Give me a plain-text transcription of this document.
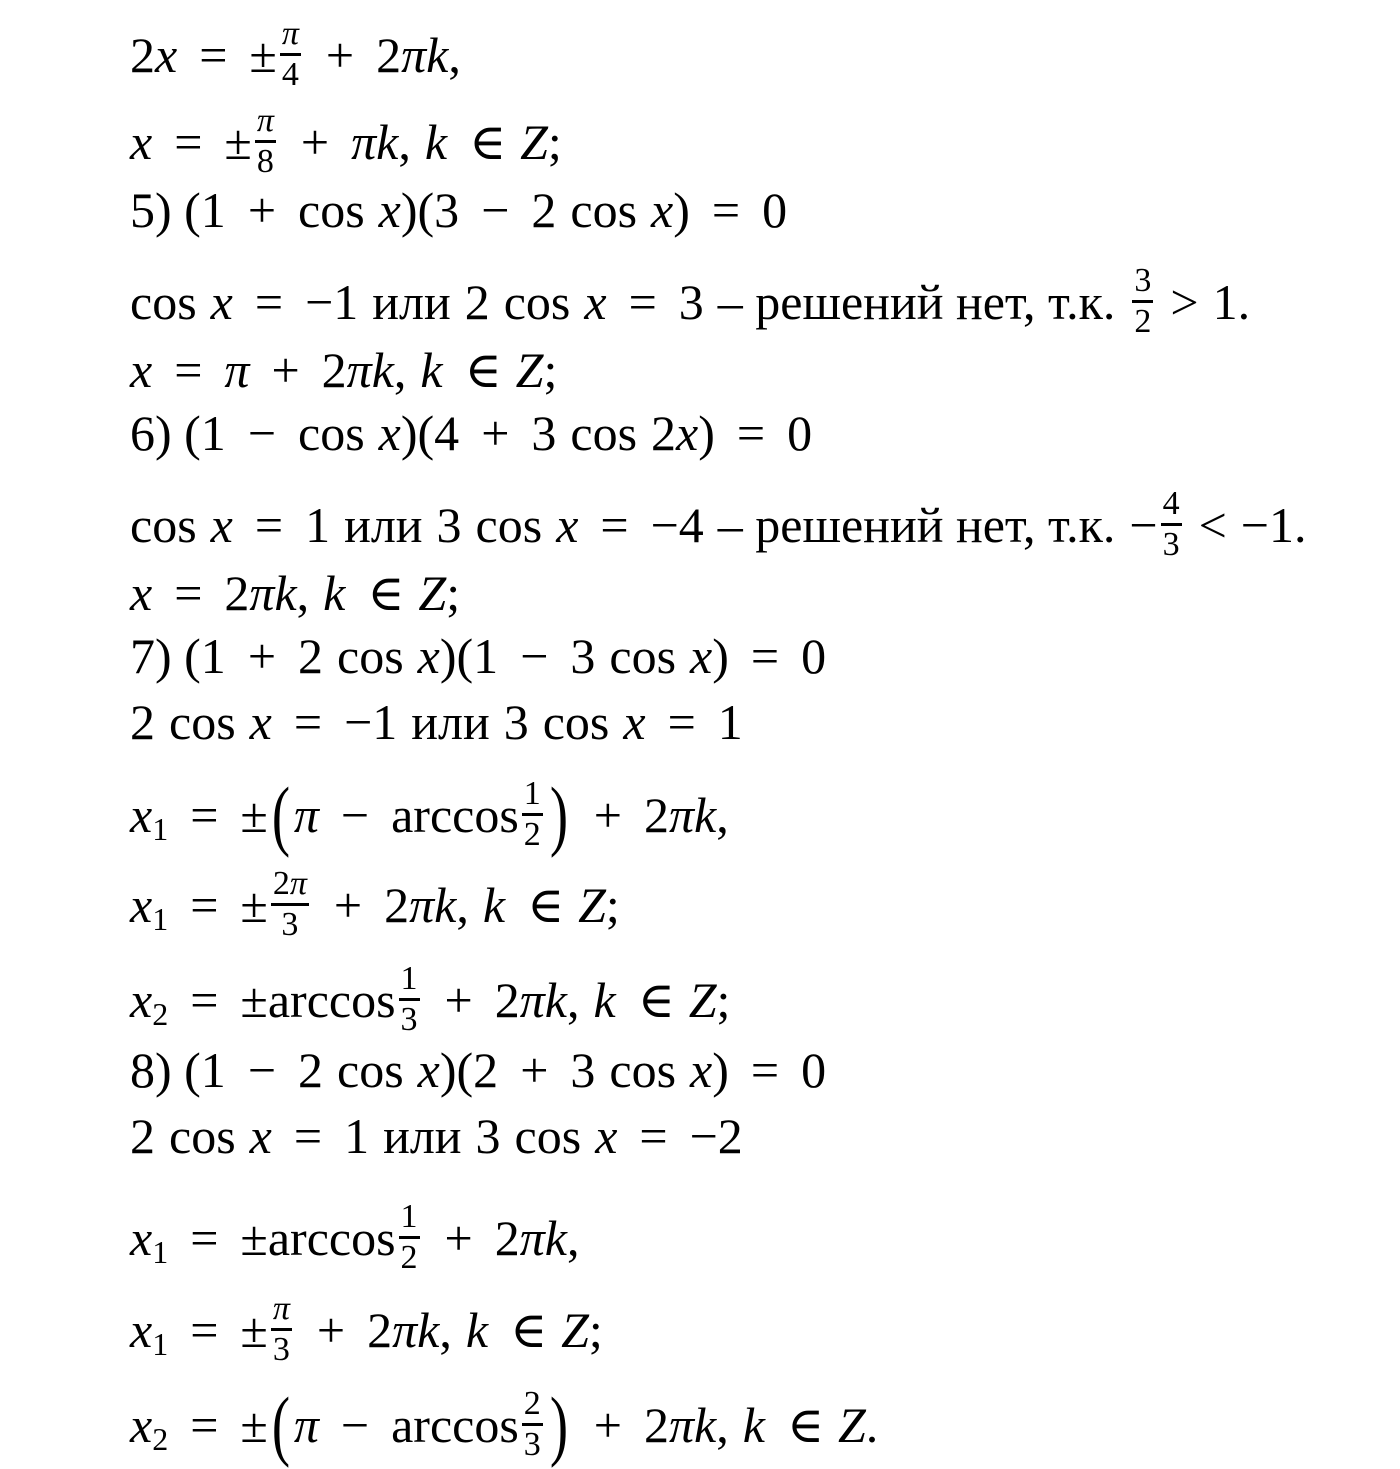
2 x = ± $\frac{\pi}{4} + 2$ πk ,
x = ± $\frac{\pi}{8} + \pi k$ , k ∈ Z ;
5) (1 + cos x )(3 − 2 cos x ) = 0
cos x = −1 или 2 cos x = 3 – решений нет, т.к. $\frac{3}{2} > 1$.
x = π + 2 πk , k ∈ Z ;
6) (1 − cos x )(4 + 3 cos 2 x ) = 0
cos x = 1 или 3 cos x = −4 – решений нет, т.к. − $\frac{4}{3} < -1$.
x = 2 πk , k ∈ Z ;
7) (1 + 2 cos x )(1 − 3 cos x ) = 0
2 cos x = −1 или 3 cos x = 1
x 1 = ± ( $\pi - \arccos \frac{1}{2}$ ) + 2 πk ,
x 1 = ± $\frac{2\pi}{3} + 2$ πk , k ∈ Z ;
x 2 = ± $\arccos \frac{1}{3} + 2$ πk , k ∈ Z ;
8) (1 − 2 cos x )(2 + 3 cos x ) = 0
2 cos x = 1 или 3 cos x = −2
x 1 = ± $\arccos \frac{1}{2} + 2$ πk ,
x 1 = ± $\frac{\pi}{3} + 2$ πk , k ∈ Z ;
x 2 = ± ( $\pi - \arccos \frac{2}{3}$ ) + 2 πk , k ∈ Z .
